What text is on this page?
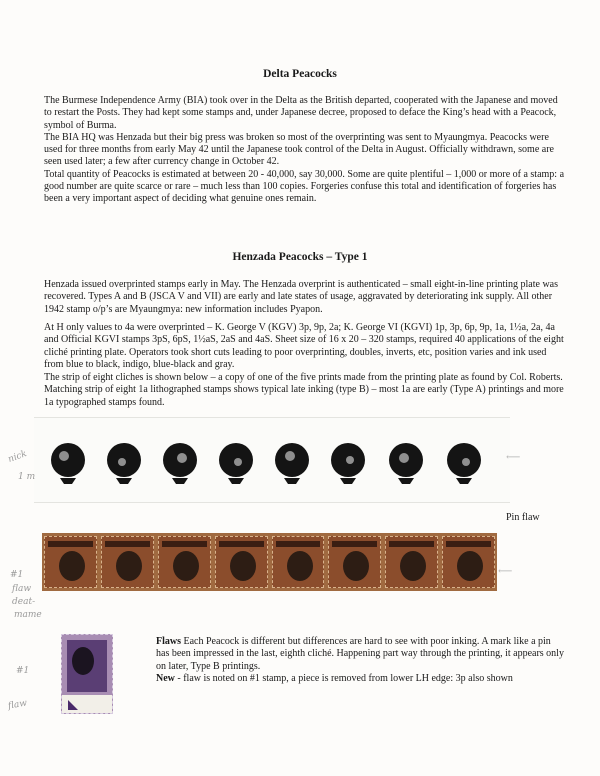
Delta Peacocks

The Burmese Independence Army (BIA) took over in the Delta as the British departed, cooperated with the Japanese and moved to restart the Posts. They had kept some stamps and, under Japanese decree, proposed to deface the King’s head with a Peacock, symbol of Burma.

The BIA HQ was Henzada but their big press was broken so most of the overprinting was sent to Myaungmya. Peacocks were used for three months from early May 42 until the Japanese took control of the Delta in August. Officially withdrawn, some are seen used later; a few after currency change in October 42.

Total quantity of Peacocks is estimated at between 20 - 40,000, say 30,000. Some are quite plentiful – 1,000 or more of a stamp: a good number are quite scarce or rare – much less than 100 copies. Forgeries confuse this total and identification of forgeries has been a very important aspect of deciding what genuine ones remain.

Henzada Peacocks – Type 1

Henzada issued overprinted stamps early in May. The Henzada overprint is authenticated – small eight-in-line printing plate was recovered. Types A and B (JSCA V and VII) are early and late states of usage, aggravated by deteriorating ink supply. All other 1942 stamp o/p’s are Myaungmya: new information includes Pyapon.

At H only values to 4a were overprinted – K. George V (KGV) 3p, 9p, 2a; K. George VI (KGVI) 1p, 3p, 6p, 9p, 1a, 1½a, 2a, 4a and Official KGVI stamps 3pS, 6pS, 1½aS, 2aS and 4aS. Sheet size of 16 x 20 – 320 stamps, required 40 applications of the eight cliché printing plate. Operators took short cuts leading to poor overprinting, doubles, inverts, etc, position varies and ink used from blue to black, indigo, blue-black and gray.

The strip of eight cliches is shown below – a copy of one of the five prints made from the printing plate as found by Col. Roberts. Matching strip of eight 1a lithographed stamps shows typical late inking (type B) – most 1a are early (Type A) printings and more 1a typographed stamps found.

⟵
Pin flaw
⟵
Flaws Each Peacock is different but differences are hard to see with poor inking. A mark like a pin has been impressed in the last, eighth cliché. Happening part way through the printing, it appears only on later, Type B printings.
New - flaw is noted on #1 stamp, a piece is removed from lower LH edge: 3p also shown
nick
1 m
#1
flaw
deat-
mame
#1
flaw
